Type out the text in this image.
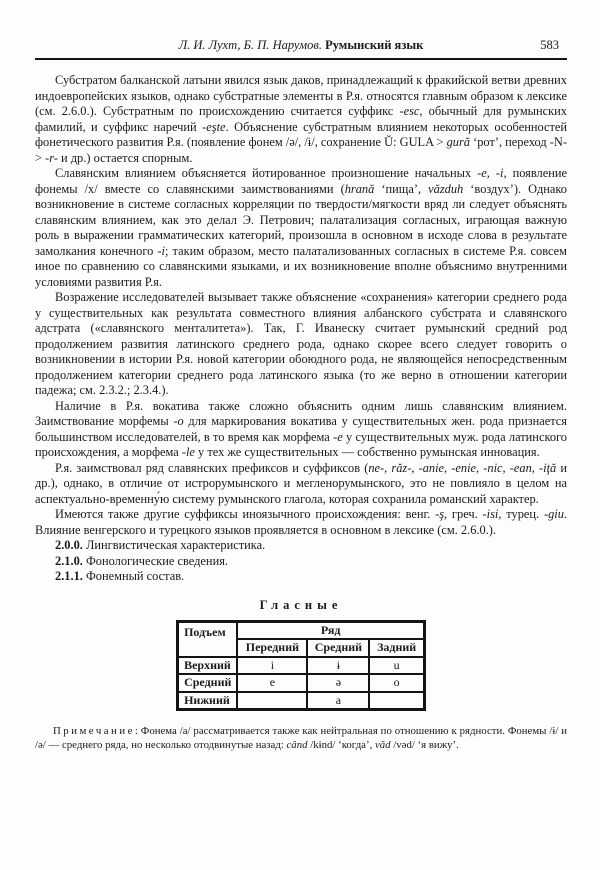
Л. И. Лухт, Б. П. Нарумов. Румынский язык	583

Субстратом балканской латыни явился язык даков, принадлежащий к фракийской ветви древних индоевропейских языков, однако субстратные элементы в Р.я. относятся главным образом к лексике (см. 2.6.0.). Субстратным по происхождению считается суффикс -esc, обычный для румынских фамилий, и суффикс наречий -eşte. Объяснение субстратным влиянием некоторых особенностей фонетического развития Р.я. (появление фонем /ə/, /ɨ/, сохранение Ŭ: GULA > gură ‘рот’, переход -N- > -r- и др.) остается спорным.

Славянским влиянием объясняется йотированное произношение начальных -e, -i, появление фонемы /x/ вместе со славянскими заимствованиями (hrană ‘пища’, văzduh ‘воздух’). Однако возникновение в системе согласных корреляции по твердости/мягкости вряд ли следует объяснять славянским влиянием, как это делал Э. Петрович; палатализация согласных, играющая важную роль в выражении грамматических категорий, произошла в основном в исходе слова в результате замолкания конечного -i; таким образом, место палатализованных согласных в системе Р.я. совсем иное по сравнению со славянскими языками, и их возникновение вполне объяснимо внутренними условиями развития Р.я.

Возражение исследователей вызывает также объяснение «сохранения» категории среднего рода у существительных как результата совместного влияния албанского субстрата и славянского адстрата («славянского менталитета»). Так, Г. Иванеску считает румынский средний род продолжением развития латинского среднего рода, однако скорее всего следует говорить о возникновении в истории Р.я. новой категории обоюдного рода, не являющейся непосредственным продолжением категории среднего рода латинского языка (то же верно в отношении категории падежа; см. 2.3.2.; 2.3.4.).

Наличие в Р.я. вокатива также сложно объяснить одним лишь славянским влиянием. Заимствование морфемы -o для маркирования вокатива у существительных жен. рода признается большинством исследователей, в то время как морфема -e у существительных муж. рода латинского происхождения, а морфема -le у тех же существительных — собственно румынская инновация.

Р.я. заимствовал ряд славянских префиксов и суффиксов (ne-, răz-, -anie, -enie, -nic, -ean, -iţă и др.), однако, в отличие от истрорумынского и мегленорумынского, это не повлияло в целом на аспектуально-временну́ю систему румынского глагола, которая сохранила романский характер.

Имеются также другие суффиксы иноязычного происхождения: венг. -ş, греч. -isi, турец. -giu. Влияние венгерского и турецкого языков проявляется в основном в лексике (см. 2.6.0.).

2.0.0. Лингвистическая характеристика.

2.1.0. Фонологические сведения.

2.1.1. Фонемный состав.

Гласные
Подъем	Ряд		
	Передний	Средний	Задний
Верхний	i	ɨ	u
Средний	e	ə	o
Нижний		a	

Примечание: Фонема /a/ рассматривается также как нейтральная по отношению к рядности. Фонемы /ɨ/ и /ə/ — среднего ряда, но несколько отодвинутые назад: când /kɨnd/ ‘когда’, văd /vəd/ ‘я вижу’.
